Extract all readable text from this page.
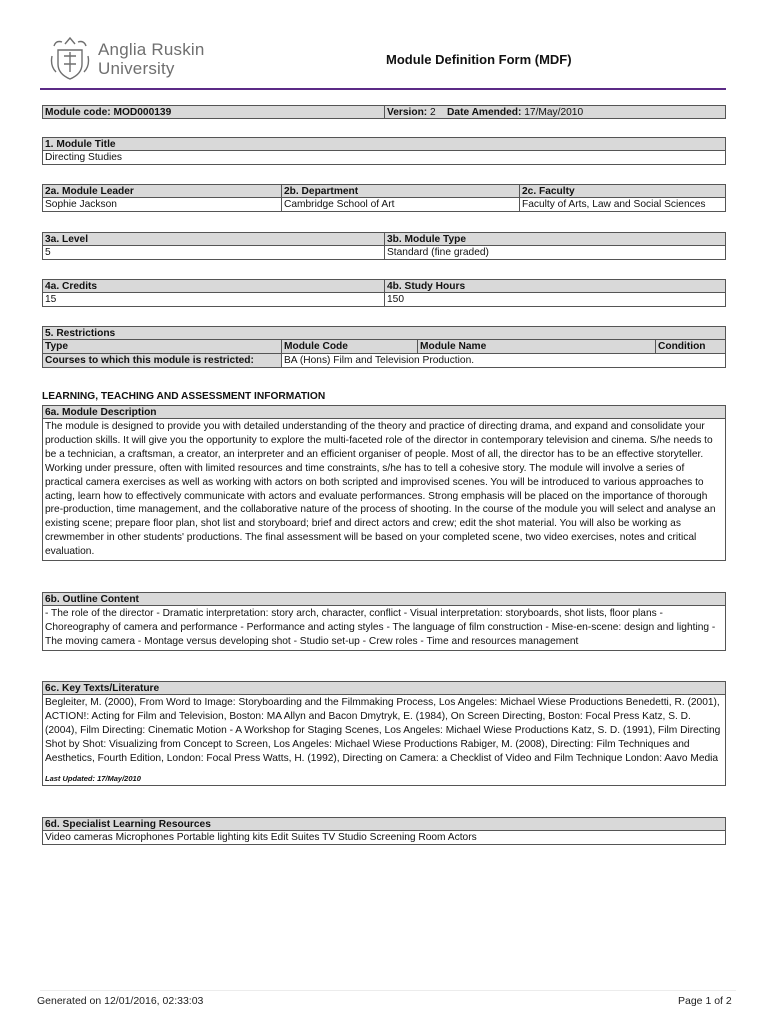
Anglia Ruskin
University	Module Definition Form (MDF)
Module code: MOD000139	Version: 2 Date Amended: 17/May/2010
1. Module Title
Directing Studies
2a. Module Leader	2b. Department	2c. Faculty
Sophie Jackson	Cambridge School of Art	Faculty of Arts, Law and Social Sciences
3a. Level	3b. Module Type
5	Standard (fine graded)
4a. Credits	4b. Study Hours
15	150
5. Restrictions
Type	Module Code	Module Name	Condition
Courses to which this module is restricted:	BA (Hons) Film and Television Production.
LEARNING, TEACHING AND ASSESSMENT INFORMATION
6a. Module Description
The module is designed to provide you with detailed understanding of the theory and practice of directing drama, and expand and consolidate your production skills. It will give you the opportunity to explore the multi-faceted role of the director in contemporary television and cinema. S/he needs to be a technician, a craftsman, a creator, an interpreter and an efficient organiser of people. Most of all, the director has to be an effective storyteller. Working under pressure, often with limited resources and time constraints, s/he has to tell a cohesive story. The module will involve a series of practical camera exercises as well as working with actors on both scripted and improvised scenes. You will be introduced to various approaches to acting, learn how to effectively communicate with actors and evaluate performances. Strong emphasis will be placed on the importance of thorough pre-production, time management, and the collaborative nature of the process of shooting. In the course of the module you will select and analyse an existing scene; prepare floor plan, shot list and storyboard; brief and direct actors and crew; edit the shot material. You will also be working as crewmember in other students' productions. The final assessment will be based on your completed scene, two video exercises, notes and critical evaluation.
6b. Outline Content
- The role of the director - Dramatic interpretation: story arch, character, conflict - Visual interpretation: storyboards, shot lists, floor plans - Choreography of camera and performance - Performance and acting styles - The language of film construction - Mise-en-scene: design and lighting - The moving camera - Montage versus developing shot - Studio set-up - Crew roles - Time and resources management
6c. Key Texts/Literature
Begleiter, M. (2000), From Word to Image: Storyboarding and the Filmmaking Process, Los Angeles: Michael Wiese Productions Benedetti, R. (2001), ACTION!: Acting for Film and Television, Boston: MA Allyn and Bacon Dmytryk, E. (1984), On Screen Directing, Boston: Focal Press Katz, S. D. (2004), Film Directing: Cinematic Motion - A Workshop for Staging Scenes, Los Angeles: Michael Wiese Productions Katz, S. D. (1991), Film Directing Shot by Shot: Visualizing from Concept to Screen, Los Angeles: Michael Wiese Productions Rabiger, M. (2008), Directing: Film Techniques and Aesthetics, Fourth Edition, London: Focal Press Watts, H. (1992), Directing on Camera: a Checklist of Video and Film Technique London: Aavo Media
Last Updated: 17/May/2010
6d. Specialist Learning Resources
Video cameras Microphones Portable lighting kits Edit Suites TV Studio Screening Room Actors
Generated on 12/01/2016, 02:33:03	Page 1 of 2
